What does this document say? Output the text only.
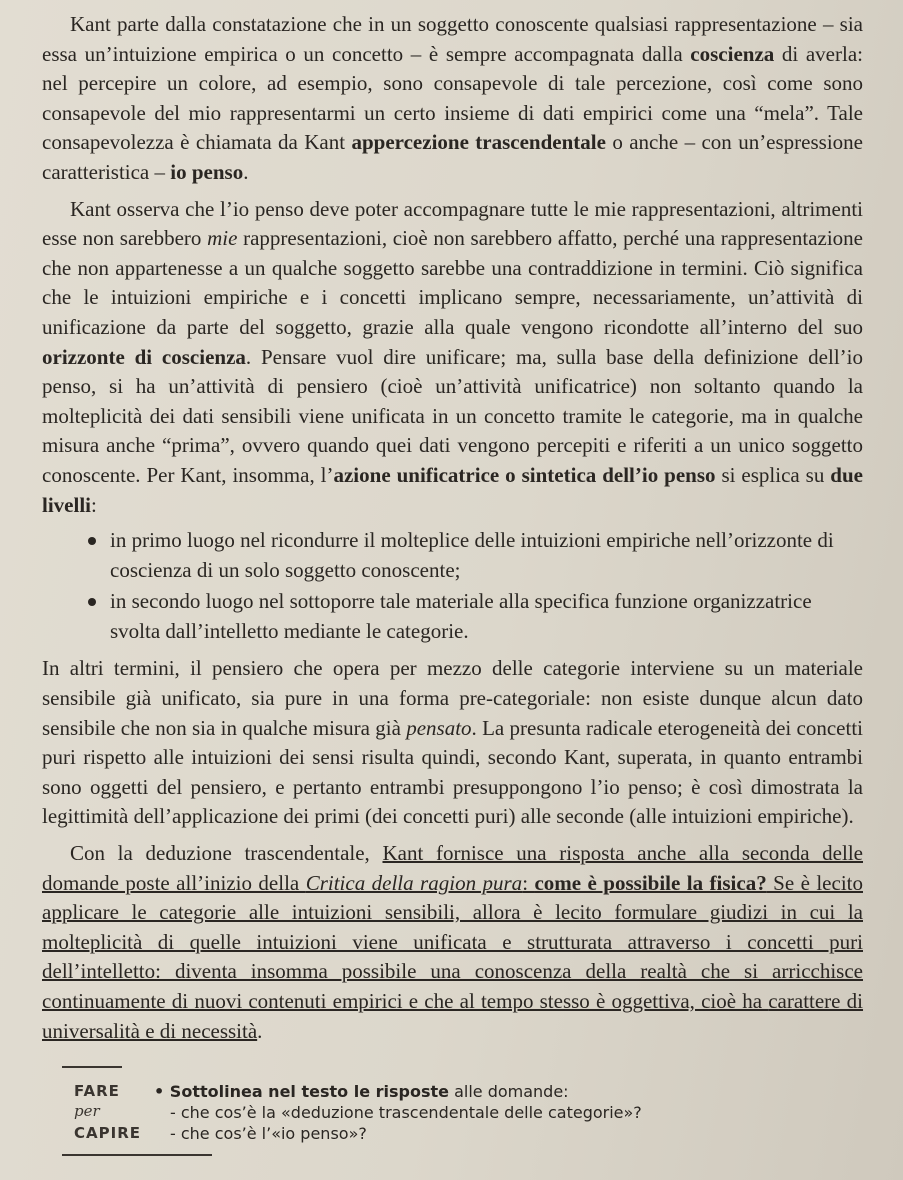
Kant parte dalla constatazione che in un soggetto conoscente qualsiasi rappresentazione – sia essa un’intuizione empirica o un concetto – è sempre accompagnata dalla coscienza di averla: nel percepire un colore, ad esempio, sono consapevole di tale percezione, così come sono consapevole del mio rappresentarmi un certo insieme di dati empirici come una “mela”. Tale consapevolezza è chiamata da Kant appercezione trascendentale o anche – con un’espressione caratteristica – io penso.

Kant osserva che l’io penso deve poter accompagnare tutte le mie rappresentazioni, altrimenti esse non sarebbero mie rappresentazioni, cioè non sarebbero affatto, perché una rappresentazione che non appartenesse a un qualche soggetto sarebbe una contraddizione in termini. Ciò significa che le intuizioni empiriche e i concetti implicano sempre, necessariamente, un’attività di unificazione da parte del soggetto, grazie alla quale vengono ricondotte all’interno del suo orizzonte di coscienza. Pensare vuol dire unificare; ma, sulla base della definizione dell’io penso, si ha un’attività di pensiero (cioè un’attività unificatrice) non soltanto quando la molteplicità dei dati sensibili viene unificata in un concetto tramite le categorie, ma in qualche misura anche “prima”, ovvero quando quei dati vengono percepiti e riferiti a un unico soggetto conoscente. Per Kant, insomma, l’azione unificatrice o sintetica dell’io penso si esplica su due livelli:

in primo luogo nel ricondurre il molteplice delle intuizioni empiriche nell’orizzonte di coscienza di un solo soggetto conoscente;
in secondo luogo nel sottoporre tale materiale alla specifica funzione organizzatrice svolta dall’intelletto mediante le categorie.

In altri termini, il pensiero che opera per mezzo delle categorie interviene su un materiale sensibile già unificato, sia pure in una forma pre-categoriale: non esiste dunque alcun dato sensibile che non sia in qualche misura già pensato. La presunta radicale eterogeneità dei concetti puri rispetto alle intuizioni dei sensi risulta quindi, secondo Kant, superata, in quanto entrambi sono oggetti del pensiero, e pertanto entrambi presuppongono l’io penso; è così dimostrata la legittimità dell’applicazione dei primi (dei concetti puri) alle seconde (alle intuizioni empiriche).

Con la deduzione trascendentale, Kant fornisce una risposta anche alla seconda delle domande poste all’inizio della Critica della ragion pura: come è possibile la fisica? Se è lecito applicare le categorie alle intuizioni sensibili, allora è lecito formulare giudizi in cui la molteplicità di quelle intuizioni viene unificata e strutturata attraverso i concetti puri dell’intelletto: diventa insomma possibile una conoscenza della realtà che si arricchisce continuamente di nuovi contenuti empirici e che al tempo stesso è oggettiva, cioè ha carattere di universalità e di necessità.

FARE
per
CAPIRE
• Sottolinea nel testo le risposte alle domande:
- che cos’è la «deduzione trascendentale delle categorie»?
- che cos’è l’«io penso»?
